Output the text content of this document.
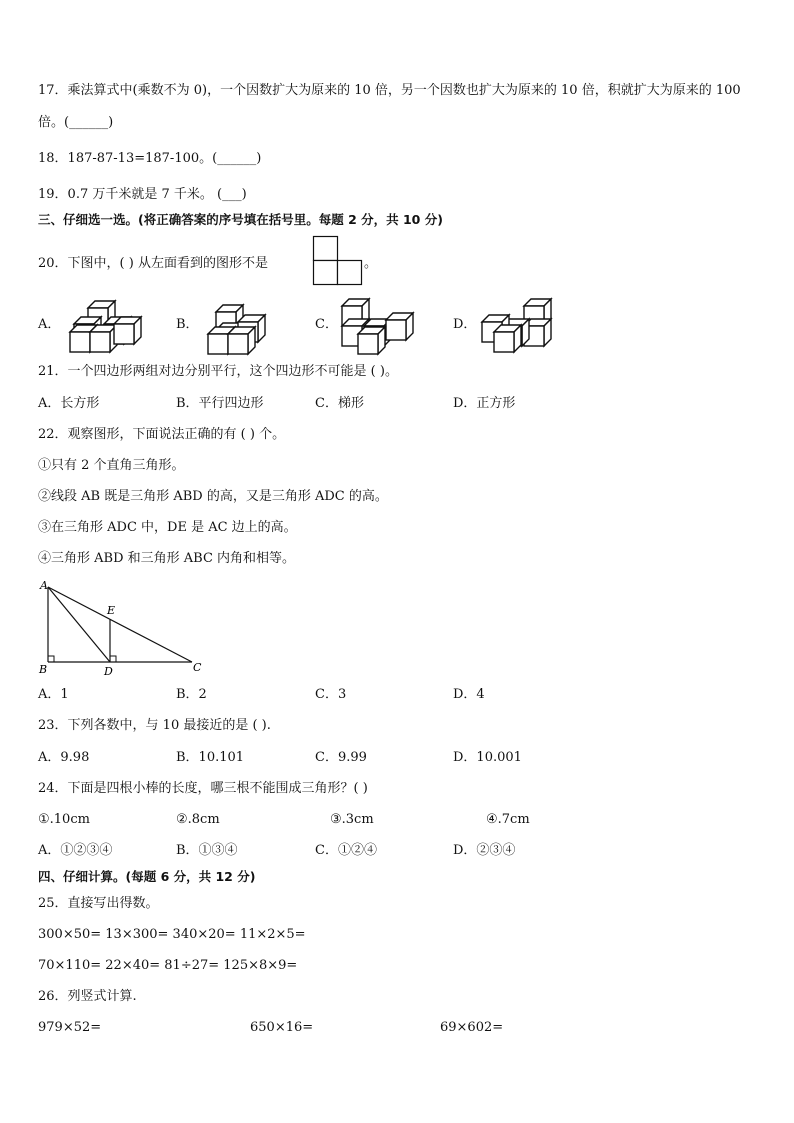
17．乘法算式中(乘数不为 0)，一个因数扩大为原来的 10 倍，另一个因数也扩大为原来的 10 倍，积就扩大为原来的 100
倍。(______)
18．187-87-13=187-100。(______)
19．0.7 万千米就是 7 千米。 (___)
三、仔细选一选。(将正确答案的序号填在括号里。每题 2 分，共 10 分)
20．下图中，( ) 从左面看到的图形不是	。
A．	B．	C．	D．
21．一个四边形两组对边分别平行，这个四边形不可能是 ( )。
A．长方形	B．平行四边形	C．梯形	D．正方形
22．观察图形，下面说法正确的有 ( ) 个。
①只有 2 个直角三角形。
②线段 AB 既是三角形 ABD 的高，又是三角形 ADC 的高。
③在三角形 ADC 中，DE 是 AC 边上的高。
④三角形 ABD 和三角形 ABC 内角和相等。
A
B	C
D
E
A．1	B．2	C．3	D．4
23．下列各数中，与 10 最接近的是 ( ).
A．9.98	B．10.101	C．9.99	D．10.001
24．下面是四根小棒的长度，哪三根不能围成三角形？( )
①.10cm	②.8cm	③.3cm	④.7cm
A．①②③④	B．①③④	C．①②④	D．②③④
四、仔细计算。(每题 6 分，共 12 分)
25．直接写出得数。
300×50= 13×300= 340×20= 11×2×5=
70×110= 22×40= 81÷27= 125×8×9=
26．列竖式计算.
979×52=	650×16=	69×602=
